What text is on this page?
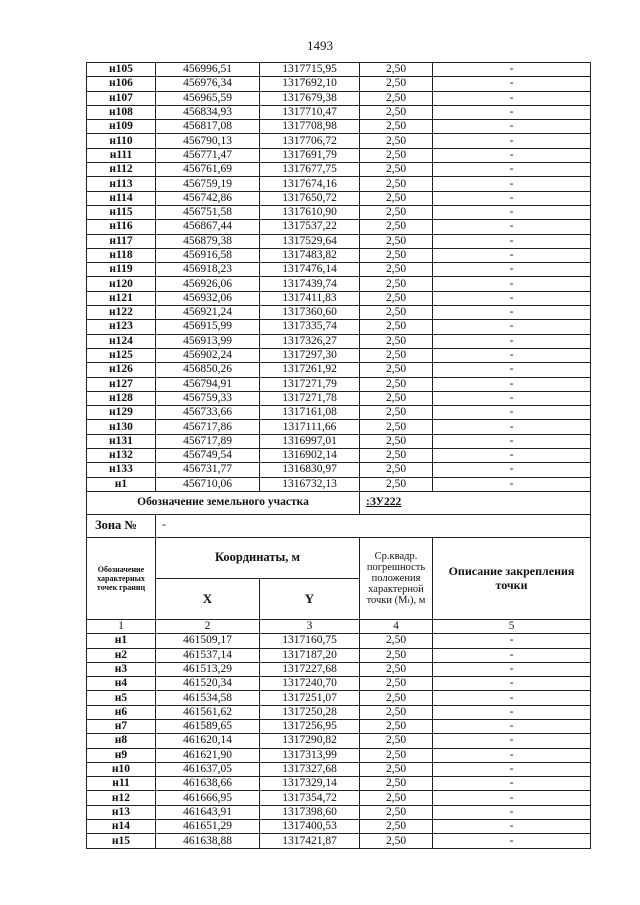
1493
н105	456996,51	1317715,95	2,50	-
н106	456976,34	1317692,10	2,50	-
н107	456965,59	1317679,38	2,50	-
н108	456834,93	1317710,47	2,50	-
н109	456817,08	1317708,98	2,50	-
н110	456790,13	1317706,72	2,50	-
н111	456771,47	1317691,79	2,50	-
н112	456761,69	1317677,75	2,50	-
н113	456759,19	1317674,16	2,50	-
н114	456742,86	1317650,72	2,50	-
н115	456751,58	1317610,90	2,50	-
н116	456867,44	1317537,22	2,50	-
н117	456879,38	1317529,64	2,50	-
н118	456916,58	1317483,82	2,50	-
н119	456918,23	1317476,14	2,50	-
н120	456926,06	1317439,74	2,50	-
н121	456932,06	1317411,83	2,50	-
н122	456921,24	1317360,60	2,50	-
н123	456915,99	1317335,74	2,50	-
н124	456913,99	1317326,27	2,50	-
н125	456902,24	1317297,30	2,50	-
н126	456850,26	1317261,92	2,50	-
н127	456794,91	1317271,79	2,50	-
н128	456759,33	1317271,78	2,50	-
н129	456733,66	1317161,08	2,50	-
н130	456717,86	1317111,66	2,50	-
н131	456717,89	1316997,01	2,50	-
н132	456749,54	1316902,14	2,50	-
н133	456731,77	1316830,97	2,50	-
н1	456710,06	1316732,13	2,50	-
Обозначение земельного участка			:ЗУ222	
Зона №	-			
Обозначение характерных точек границ	Координаты, м		Ср.квадр. погрешность положения характерной точки (Mₜ), м	Описание закрепления точки
	X	Y		
1	2	3	4	5
н1	461509,17	1317160,75	2,50	-
н2	461537,14	1317187,20	2,50	-
н3	461513,29	1317227,68	2,50	-
н4	461520,34	1317240,70	2,50	-
н5	461534,58	1317251,07	2,50	-
н6	461561,62	1317250,28	2,50	-
н7	461589,65	1317256,95	2,50	-
н8	461620,14	1317290,82	2,50	-
н9	461621,90	1317313,99	2,50	-
н10	461637,05	1317327,68	2,50	-
н11	461638,66	1317329,14	2,50	-
н12	461666,95	1317354,72	2,50	-
н13	461643,91	1317398,60	2,50	-
н14	461651,29	1317400,53	2,50	-
н15	461638,88	1317421,87	2,50	-
